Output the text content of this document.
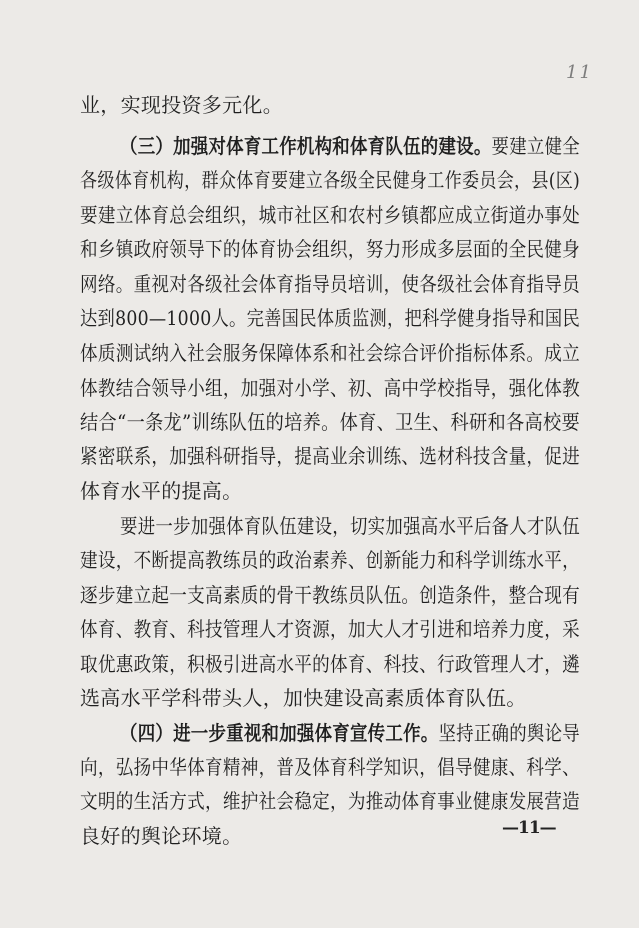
11
业，实现投资多元化。
（三）加强对体育工作机构和体育队伍的建设。要建立健全
各级体育机构，群众体育要建立各级全民健身工作委员会，县(区)
要建立体育总会组织，城市社区和农村乡镇都应成立街道办事处
和乡镇政府领导下的体育协会组织，努力形成多层面的全民健身
网络。重视对各级社会体育指导员培训，使各级社会体育指导员
达到800—1000人。完善国民体质监测，把科学健身指导和国民
体质测试纳入社会服务保障体系和社会综合评价指标体系。成立
体教结合领导小组，加强对小学、初、高中学校指导，强化体教
结合“一条龙”训练队伍的培养。体育、卫生、科研和各高校要
紧密联系，加强科研指导，提高业余训练、选材科技含量，促进
体育水平的提高。
要进一步加强体育队伍建设，切实加强高水平后备人才队伍
建设，不断提高教练员的政治素养、创新能力和科学训练水平，
逐步建立起一支高素质的骨干教练员队伍。创造条件，整合现有
体育、教育、科技管理人才资源，加大人才引进和培养力度，采
取优惠政策，积极引进高水平的体育、科技、行政管理人才，遴
选高水平学科带头人，加快建设高素质体育队伍。
（四）进一步重视和加强体育宣传工作。坚持正确的舆论导
向，弘扬中华体育精神，普及体育科学知识，倡导健康、科学、
文明的生活方式，维护社会稳定，为推动体育事业健康发展营造
良好的舆论环境。	—11—
